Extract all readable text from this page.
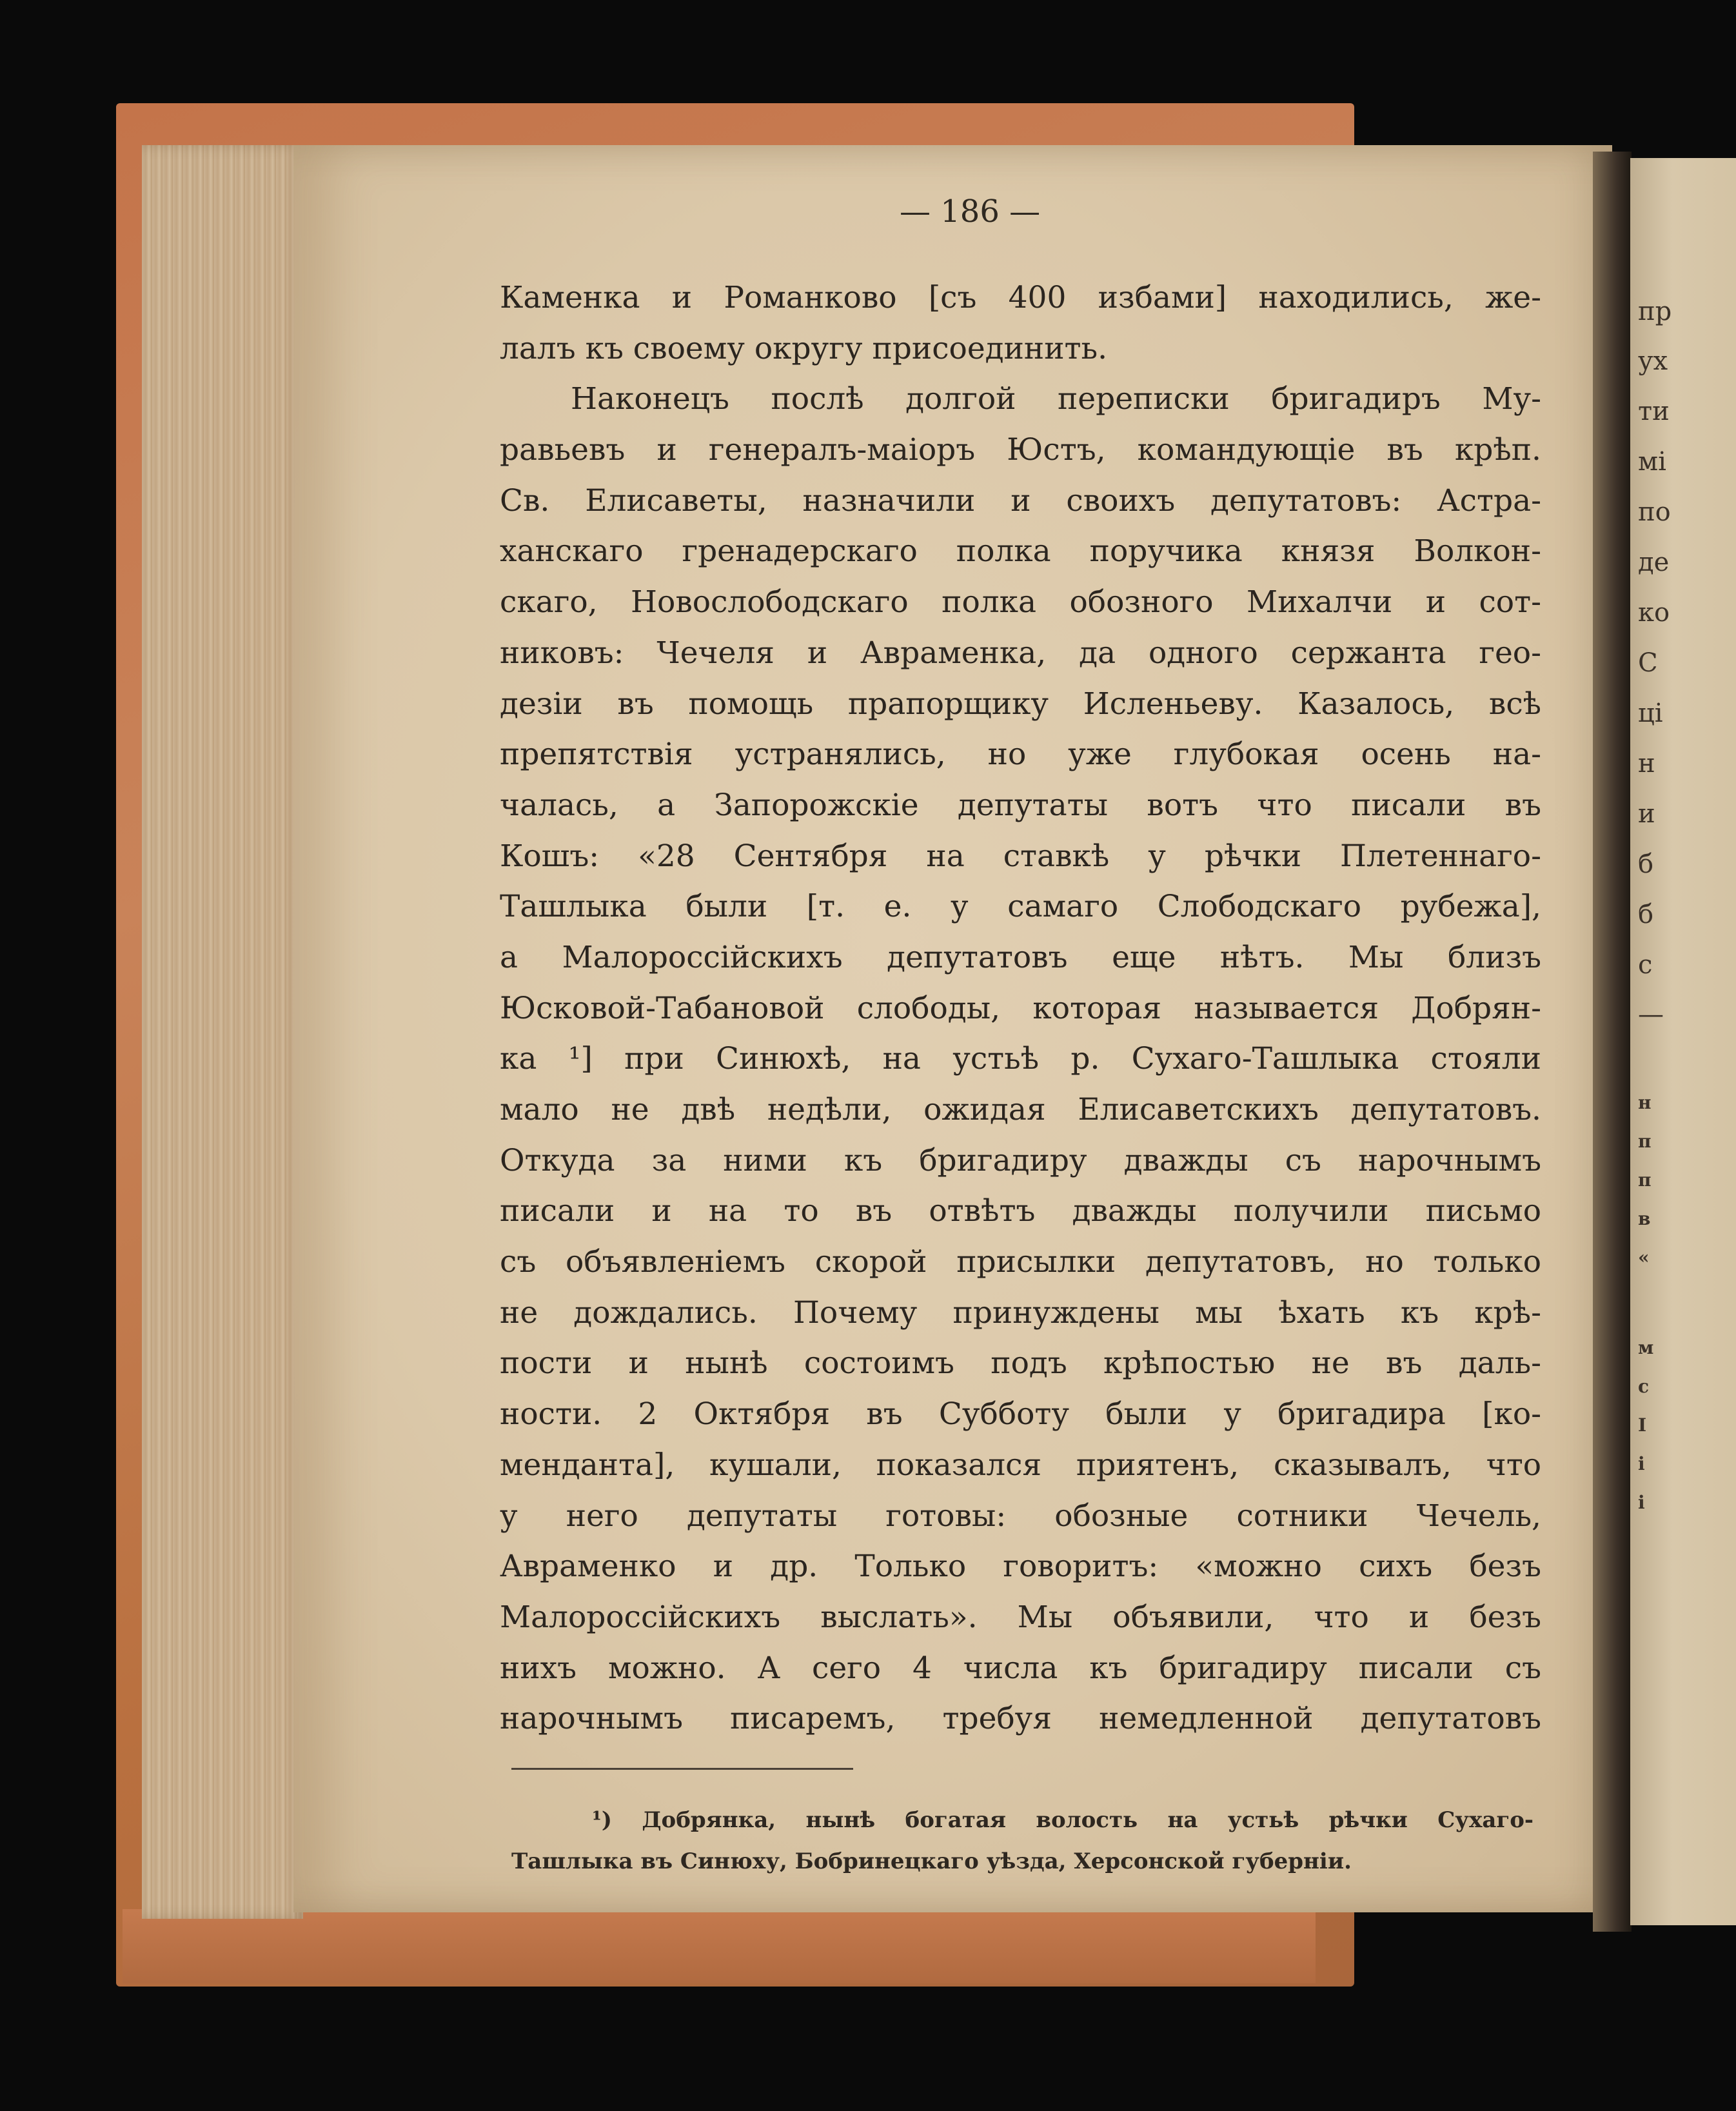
— 186 —

Каменка и Романково [съ 400 избами] находились, же-
лалъ къ своему округу присоединить.
Наконецъ послѣ долгой переписки бригадиръ Му-
равьевъ и генералъ-маіоръ Юстъ, командующіе въ крѣп.
Св. Елисаветы, назначили и своихъ депутатовъ: Астра-
ханскаго гренадерскаго полка поручика князя Волкон-
скаго, Новослободскаго полка обозного Михалчи и сот-
никовъ: Чечеля и Авраменка, да одного сержанта гео-
дезіи въ помощь прапорщику Исленьеву. Казалось, всѣ
препятствія устранялись, но уже глубокая осень на-
чалась, а Запорожскіе депутаты вотъ что писали въ
Кошъ: «28 Сентября на ставкѣ у рѣчки Плетеннаго-
Ташлыка были [т. е. у самаго Слободскаго рубежа],
а Малороссійскихъ депутатовъ еще нѣтъ. Мы близъ
Юсковой-Табановой слободы, которая называется Добрян-
ка ¹] при Синюхѣ, на устьѣ р. Сухаго-Ташлыка стояли
мало не двѣ недѣли, ожидая Елисаветскихъ депутатовъ.
Откуда за ними къ бригадиру дважды съ нарочнымъ
писали и на то въ отвѣтъ дважды получили письмо
съ объявленіемъ скорой присылки депутатовъ, но только
не дождались. Почему принуждены мы ѣхать къ крѣ-
пости и нынѣ состоимъ подъ крѣпостью не въ даль-
ности. 2 Октября въ Субботу были у бригадира [ко-
менданта], кушали, показался приятенъ, сказывалъ, что
у него депутаты готовы: обозные сотники Чечель,
Авраменко и др. Только говоритъ: «можно сихъ безъ
Малороссійскихъ выслать». Мы объявили, что и безъ
нихъ можно. А сего 4 числа къ бригадиру писали съ
нарочнымъ писаремъ, требуя немедленной депутатовъ
¹) Добрянка, нынѣ богатая волость на устьѣ рѣчки Сухаго-
Ташлыка въ Синюху, Бобринецкаго уѣзда, Херсонской губерніи.
пр
ух
ти
мі
по
де
ко
С
ці
н
и
б
б
с
—
н
п
п
в
«
м
с
І
і
і
